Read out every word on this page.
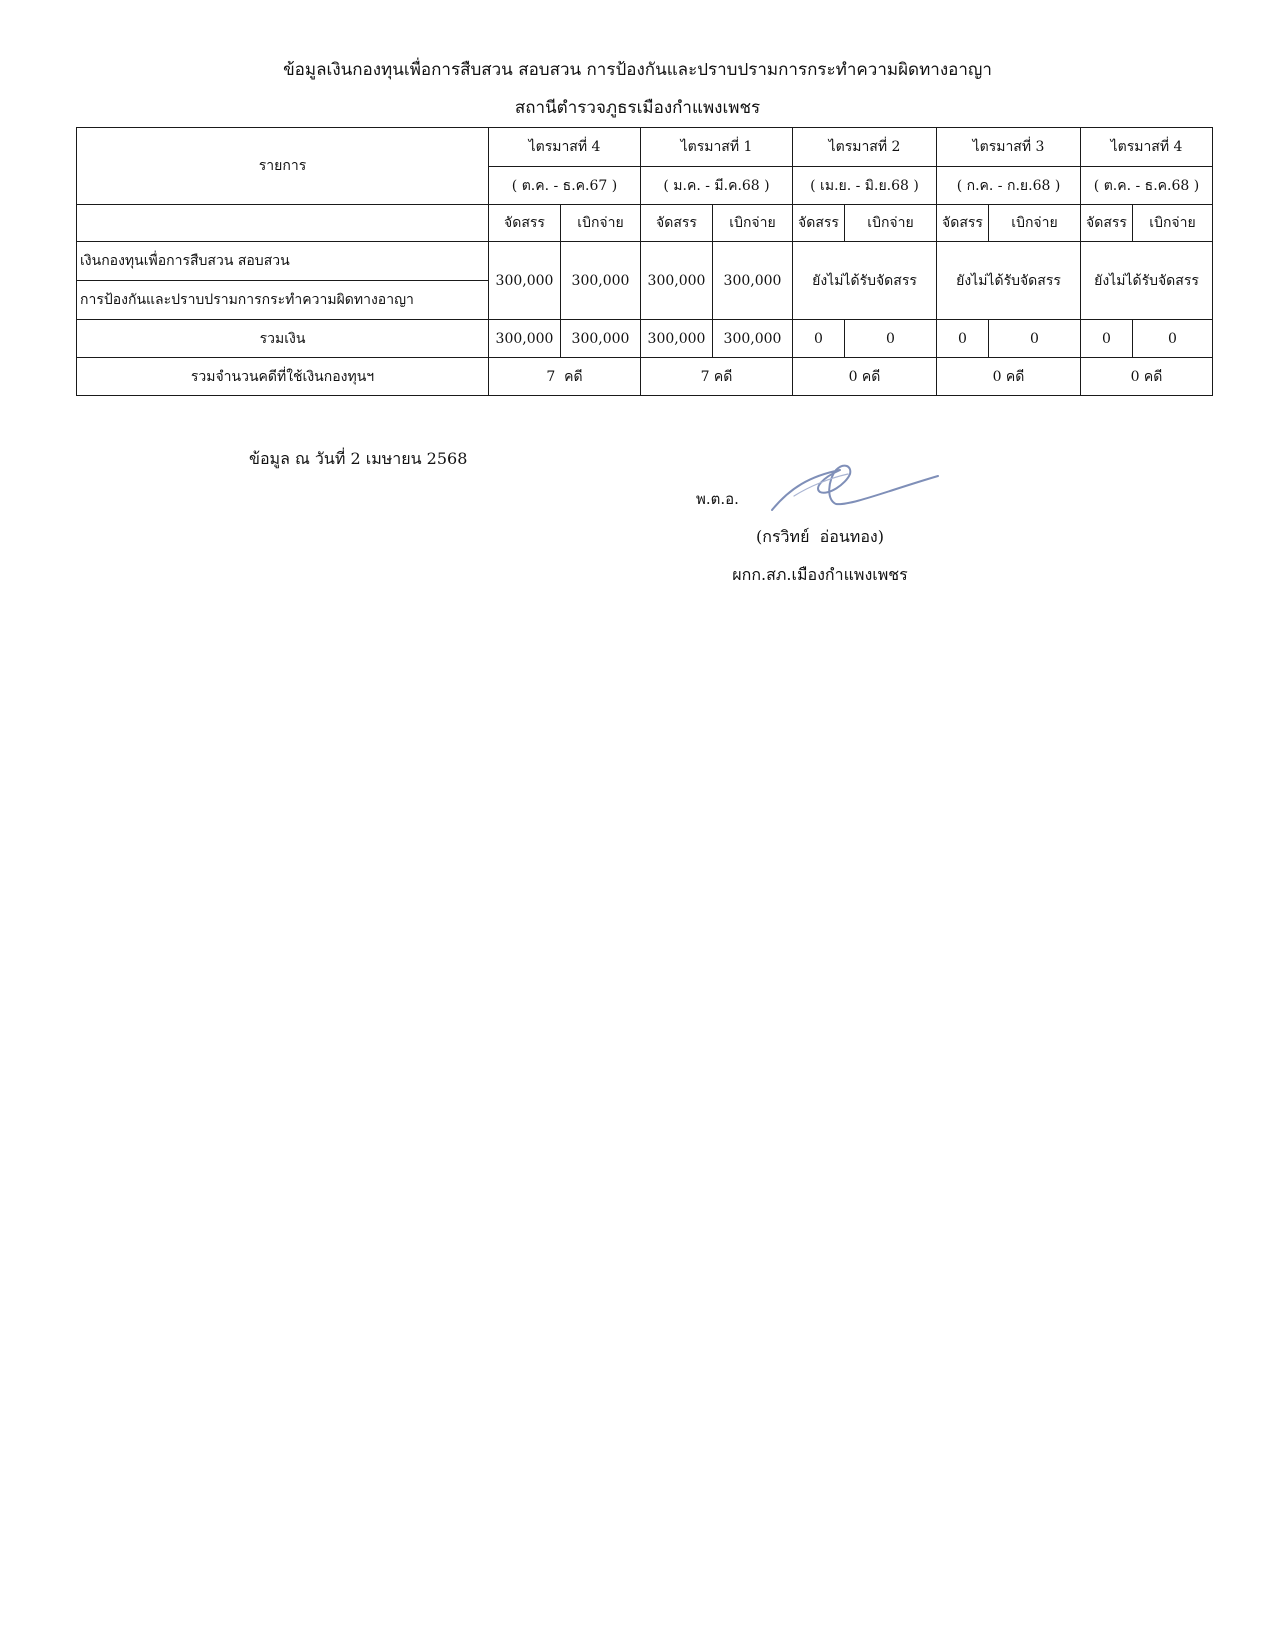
ข้อมูลเงินกองทุนเพื่อการสืบสวน สอบสวน การป้องกันและปราบปรามการกระทำความผิดทางอาญา
สถานีตำรวจภูธรเมืองกำแพงเพชร
รายการ	ไตรมาสที่ 4		ไตรมาสที่ 1		ไตรมาสที่ 2		ไตรมาสที่ 3		ไตรมาสที่ 4	
	( ต.ค. - ธ.ค.67 )		( ม.ค. - มี.ค.68 )		( เม.ย. - มิ.ย.68 )		( ก.ค. - ก.ย.68 )		( ต.ค. - ธ.ค.68 )	
	จัดสรร	เบิกจ่าย	จัดสรร	เบิกจ่าย	จัดสรร	เบิกจ่าย	จัดสรร	เบิกจ่าย	จัดสรร	เบิกจ่าย
เงินกองทุนเพื่อการสืบสวน สอบสวน	300,000	300,000	300,000	300,000	ยังไม่ได้รับจัดสรร		ยังไม่ได้รับจัดสรร		ยังไม่ได้รับจัดสรร	
การป้องกันและปราบปรามการกระทำความผิดทางอาญา										
รวมเงิน	300,000	300,000	300,000	300,000	0	0	0	0	0	0
รวมจำนวนคดีที่ใช้เงินกองทุนฯ	7  คดี		7 คดี		0 คดี		0 คดี		0 คดี	
ข้อมูล ณ วันที่ 2 เมษายน 2568
พ.ต.อ.
(กรวิทย์  อ่อนทอง)
ผกก.สภ.เมืองกำแพงเพชร
